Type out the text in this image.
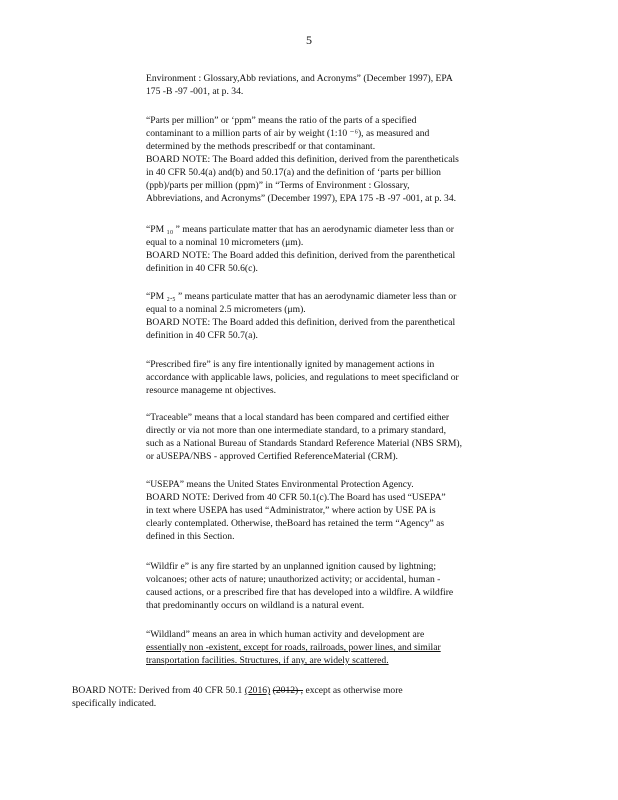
5

Environment : Glossary,Abb reviations, and Acronyms” (December 1997), EPA

175 -B -97 -001, at p. 34.

“Parts per million” or ‘ppm” means the ratio of the parts of a specified

contaminant to a million parts of air by weight (1:10 ⁻⁶), as measured and

determined by the methods prescribedf or that contaminant.

BOARD NOTE: The Board added this definition, derived from the parentheticals

in 40 CFR 50.4(a) and(b) and 50.17(a) and the definition of ‘parts per billion

(ppb)/parts per million (ppm)” in “Terms of Environment : Glossary,

Abbreviations, and Acronyms” (December 1997), EPA 175 -B -97 -001, at p. 34.

“PM ₁₀ ” means particulate matter that has an aerodynamic diameter less than or

equal to a nominal 10 micrometers (μm).

BOARD NOTE: The Board added this definition, derived from the parenthetical

definition in 40 CFR 50.6(c).

“PM ₂.₅ ” means particulate matter that has an aerodynamic diameter less than or

equal to a nominal 2.5 micrometers (μm).

BOARD NOTE: The Board added this definition, derived from the parenthetical

definition in 40 CFR 50.7(a).

“Prescribed fire” is any fire intentionally ignited by management actions in

accordance with applicable laws, policies, and regulations to meet specificland or

resource manageme nt objectives.

“Traceable” means that a local standard has been compared and certified either

directly or via not more than one intermediate standard, to a primary standard,

such as a National Bureau of Standards Standard Reference Material (NBS SRM),

or aUSEPA/NBS - approved Certified ReferenceMaterial (CRM).

“USEPA” means the United States Environmental Protection Agency.

BOARD NOTE: Derived from 40 CFR 50.1(c).The Board has used “USEPA”

in text where USEPA has used “Administrator,” where action by USE PA is

clearly contemplated. Otherwise, theBoard has retained the term “Agency” as

defined in this Section.

“Wildfir e” is any fire started by an unplanned ignition caused by lightning;

volcanoes; other acts of nature; unauthorized activity; or accidental, human -

caused actions, or a prescribed fire that has developed into a wildfire. A wildfire

that predominantly occurs on wildland is a natural event.

“Wildland” means an area in which human activity and development are

essentially non -existent, except for roads, railroads, power lines, and similar

transportation facilities. Structures, if any, are widely scattered.

BOARD NOTE: Derived from 40 CFR 50.1 (2016) (2012) , except as otherwise more

specifically indicated.
